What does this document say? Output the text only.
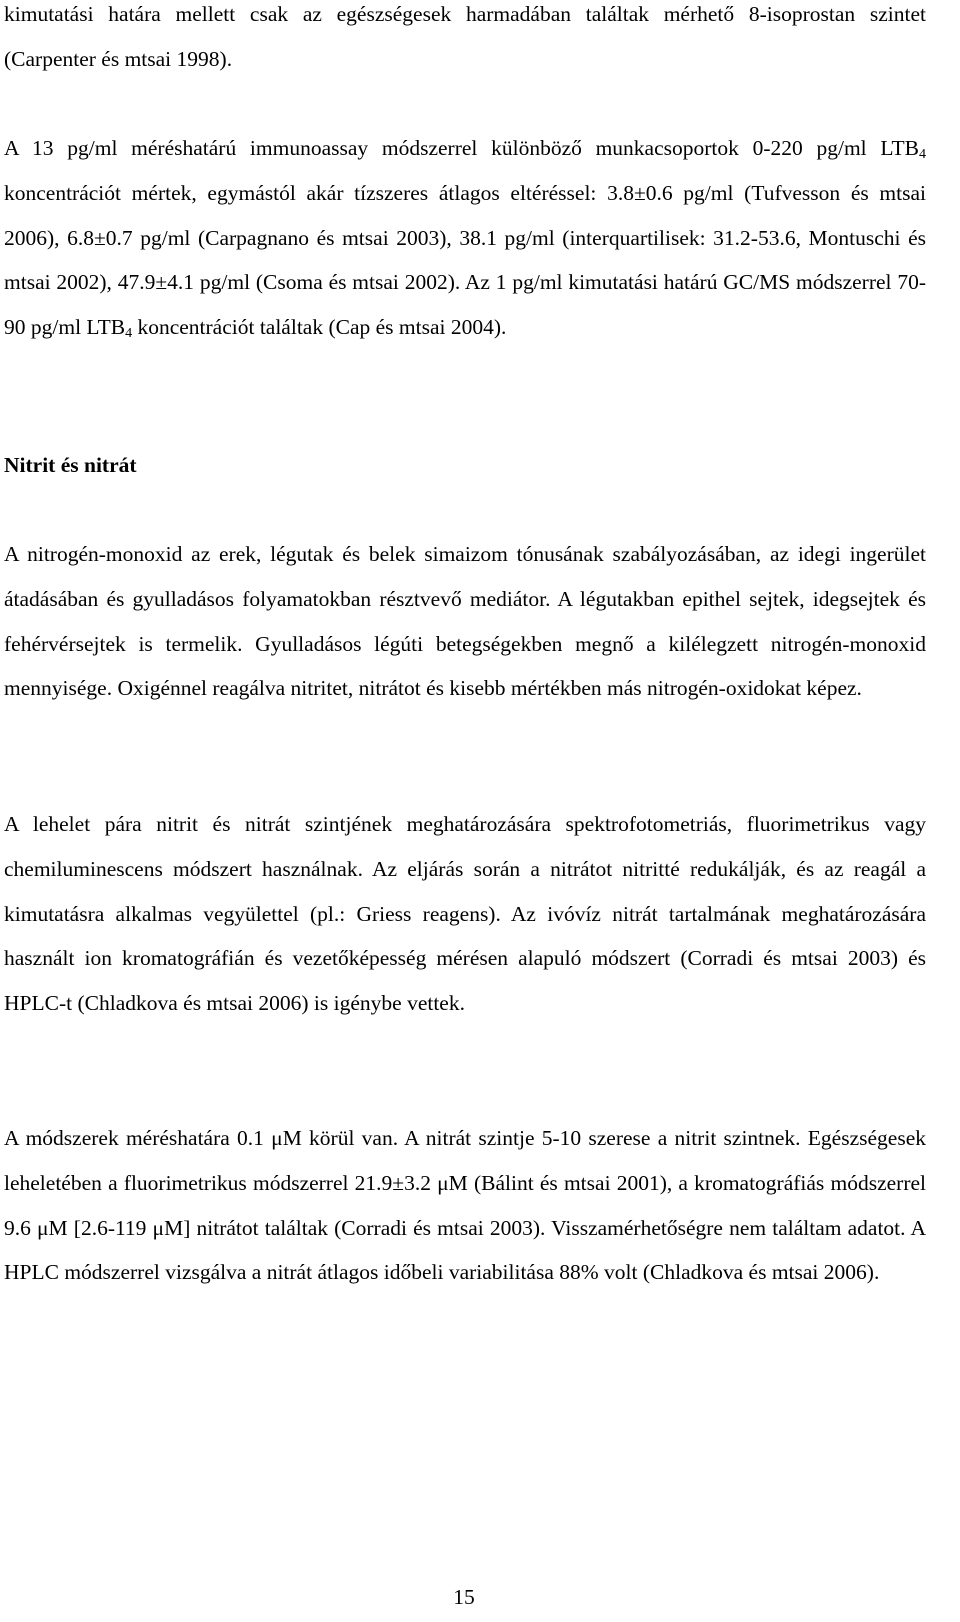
kimutatási határa mellett csak az egészségesek harmadában találtak mérhető 8-isoprostan szintet (Carpenter és mtsai 1998).

A 13 pg/ml méréshatárú immunoassay módszerrel különböző munkacsoportok 0-220 pg/ml $LTB_4$ koncentrációt mértek, egymástól akár tízszeres átlagos eltéréssel: 3.8±0.6 pg/ml (Tufvesson és mtsai 2006), 6.8±0.7 pg/ml (Carpagnano és mtsai 2003), 38.1 pg/ml (interquartilisek: 31.2-53.6, Montuschi és mtsai 2002), 47.9±4.1 pg/ml (Csoma és mtsai 2002). Az 1 pg/ml kimutatási határú GC/MS módszerrel 70-90 pg/ml $LTB_4$ koncentrációt találtak (Cap és mtsai 2004).

Nitrit és nitrát

A nitrogén-monoxid az erek, légutak és belek simaizom tónusának szabályozásában, az idegi ingerület átadásában és gyulladásos folyamatokban résztvevő mediátor. A légutakban epithel sejtek, idegsejtek és fehérvérsejtek is termelik. Gyulladásos légúti betegségekben megnő a kilélegzett nitrogén-monoxid mennyisége. Oxigénnel reagálva nitritet, nitrátot és kisebb mértékben más nitrogén-oxidokat képez.

A lehelet pára nitrit és nitrát szintjének meghatározására spektrofotometriás, fluorimetrikus vagy chemiluminescens módszert használnak. Az eljárás során a nitrátot nitritté redukálják, és az reagál a kimutatásra alkalmas vegyülettel (pl.: Griess reagens). Az ivóvíz nitrát tartalmának meghatározására használt ion kromatográfián és vezetőképesség mérésen alapuló módszert (Corradi és mtsai 2003) és HPLC-t (Chladkova és mtsai 2006) is igénybe vettek.

A módszerek méréshatára 0.1 μM körül van. A nitrát szintje 5-10 szerese a nitrit szintnek. Egészségesek leheletében a fluorimetrikus módszerrel 21.9±3.2 μM (Bálint és mtsai 2001), a kromatográfiás módszerrel 9.6 μM [2.6-119 μM] nitrátot találtak (Corradi és mtsai 2003). Visszamérhetőségre nem találtam adatot. A HPLC módszerrel vizsgálva a nitrát átlagos időbeli variabilitása 88% volt (Chladkova és mtsai 2006).

15
